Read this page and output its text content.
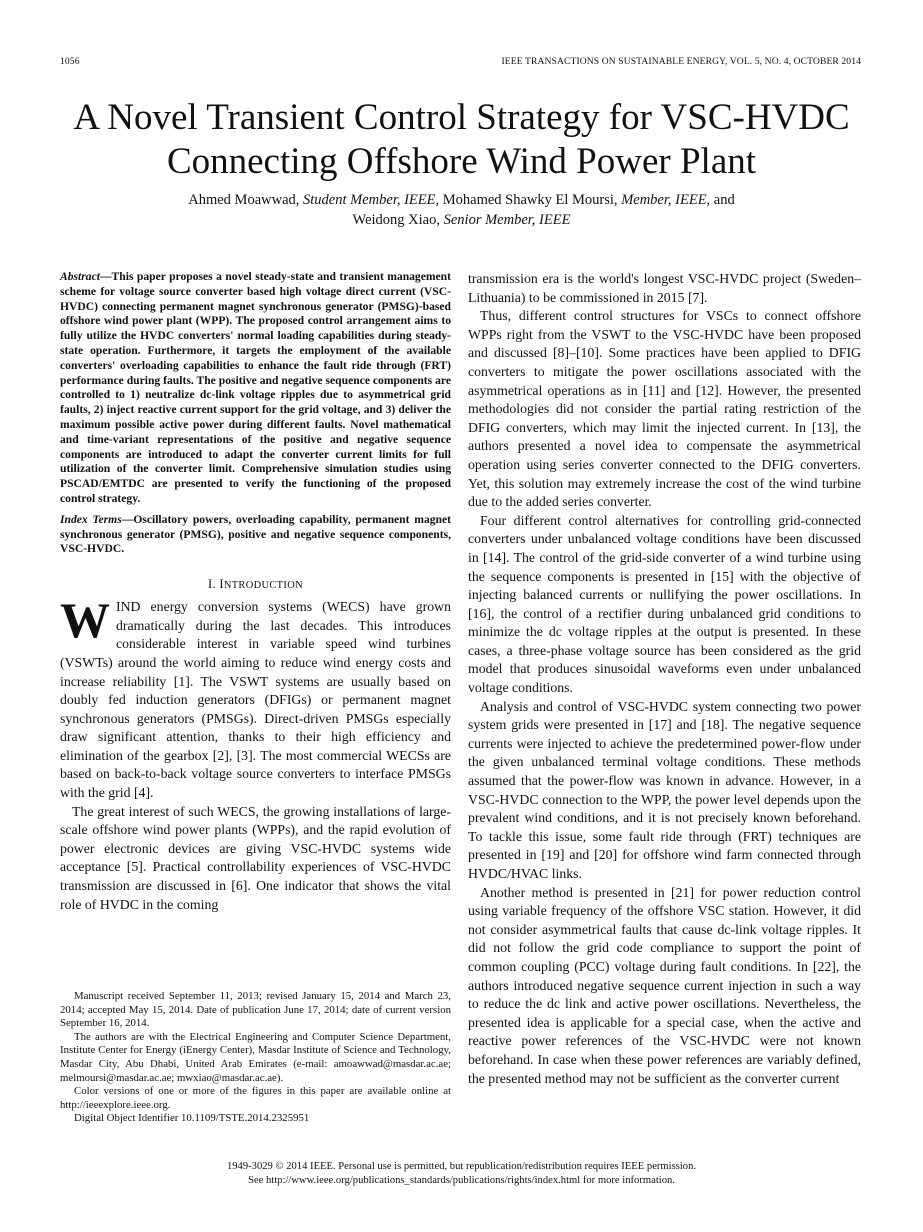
1056	IEEE TRANSACTIONS ON SUSTAINABLE ENERGY, VOL. 5, NO. 4, OCTOBER 2014
A Novel Transient Control Strategy for VSC-HVDC
Connecting Offshore Wind Power Plant
Ahmed Moawwad, Student Member, IEEE, Mohamed Shawky El Moursi, Member, IEEE, and
Weidong Xiao, Senior Member, IEEE

Abstract—This paper proposes a novel steady-state and transient management scheme for voltage source converter based high voltage direct current (VSC-HVDC) connecting permanent magnet synchronous generator (PMSG)-based offshore wind power plant (WPP). The proposed control arrangement aims to fully utilize the HVDC converters' normal loading capabilities during steady-state operation. Furthermore, it targets the employment of the available converters' overloading capabilities to enhance the fault ride through (FRT) performance during faults. The positive and negative sequence components are controlled to 1) neutralize dc-link voltage ripples due to asymmetrical grid faults, 2) inject reactive current support for the grid voltage, and 3) deliver the maximum possible active power during different faults. Novel mathematical and time-variant representations of the positive and negative sequence components are introduced to adapt the converter current limits for full utilization of the converter limit. Comprehensive simulation studies using PSCAD/EMTDC are presented to verify the functioning of the proposed control strategy.

Index Terms—Oscillatory powers, overloading capability, permanent magnet synchronous generator (PMSG), positive and negative sequence components, VSC-HVDC.

I. INTRODUCTION

WIND energy conversion systems (WECS) have grown dramatically during the last decades. This introduces considerable interest in variable speed wind turbines (VSWTs) around the world aiming to reduce wind energy costs and increase reliability [1]. The VSWT systems are usually based on doubly fed induction generators (DFIGs) or permanent magnet synchronous generators (PMSGs). Direct-driven PMSGs especially draw significant attention, thanks to their high efficiency and elimination of the gearbox [2], [3]. The most commercial WECSs are based on back-to-back voltage source converters to interface PMSGs with the grid [4].

The great interest of such WECS, the growing installations of large-scale offshore wind power plants (WPPs), and the rapid evolution of power electronic devices are giving VSC-HVDC systems wide acceptance [5]. Practical controllability experiences of VSC-HVDC transmission are discussed in [6]. One indicator that shows the vital role of HVDC in the coming

Manuscript received September 11, 2013; revised January 15, 2014 and March 23, 2014; accepted May 15, 2014. Date of publication June 17, 2014; date of current version September 16, 2014.

The authors are with the Electrical Engineering and Computer Science Department, Institute Center for Energy (iEnergy Center), Masdar Institute of Science and Technology, Masdar City, Abu Dhabi, United Arab Emirates (e-mail: amoawwad@masdar.ac.ae; melmoursi@masdar.ac.ae; mwxiao@masdar.ac.ae).

Color versions of one or more of the figures in this paper are available online at http://ieeexplore.ieee.org.

Digital Object Identifier 10.1109/TSTE.2014.2325951

transmission era is the world's longest VSC-HVDC project (Sweden–Lithuania) to be commissioned in 2015 [7].

Thus, different control structures for VSCs to connect offshore WPPs right from the VSWT to the VSC-HVDC have been proposed and discussed [8]–[10]. Some practices have been applied to DFIG converters to mitigate the power oscillations associated with the asymmetrical operations as in [11] and [12]. However, the presented methodologies did not consider the partial rating restriction of the DFIG converters, which may limit the injected current. In [13], the authors presented a novel idea to compensate the asymmetrical operation using series converter connected to the DFIG converters. Yet, this solution may extremely increase the cost of the wind turbine due to the added series converter.

Four different control alternatives for controlling grid-connected converters under unbalanced voltage conditions have been discussed in [14]. The control of the grid-side converter of a wind turbine using the sequence components is presented in [15] with the objective of injecting balanced currents or nullifying the power oscillations. In [16], the control of a rectifier during unbalanced grid conditions to minimize the dc voltage ripples at the output is presented. In these cases, a three-phase voltage source has been considered as the grid model that produces sinusoidal waveforms even under unbalanced voltage conditions.

Analysis and control of VSC-HVDC system connecting two power system grids were presented in [17] and [18]. The negative sequence currents were injected to achieve the predetermined power-flow under the given unbalanced terminal voltage conditions. These methods assumed that the power-flow was known in advance. However, in a VSC-HVDC connection to the WPP, the power level depends upon the prevalent wind conditions, and it is not precisely known beforehand. To tackle this issue, some fault ride through (FRT) techniques are presented in [19] and [20] for offshore wind farm connected through HVDC/HVAC links.

Another method is presented in [21] for power reduction control using variable frequency of the offshore VSC station. However, it did not consider asymmetrical faults that cause dc-link voltage ripples. It did not follow the grid code compliance to support the point of common coupling (PCC) voltage during fault conditions. In [22], the authors introduced negative sequence current injection in such a way to reduce the dc link and active power oscillations. Nevertheless, the presented idea is applicable for a special case, when the active and reactive power references of the VSC-HVDC were not known beforehand. In case when these power references are variably defined, the presented method may not be sufficient as the converter current

1949-3029 © 2014 IEEE. Personal use is permitted, but republication/redistribution requires IEEE permission.
See http://www.ieee.org/publications_standards/publications/rights/index.html for more information.
